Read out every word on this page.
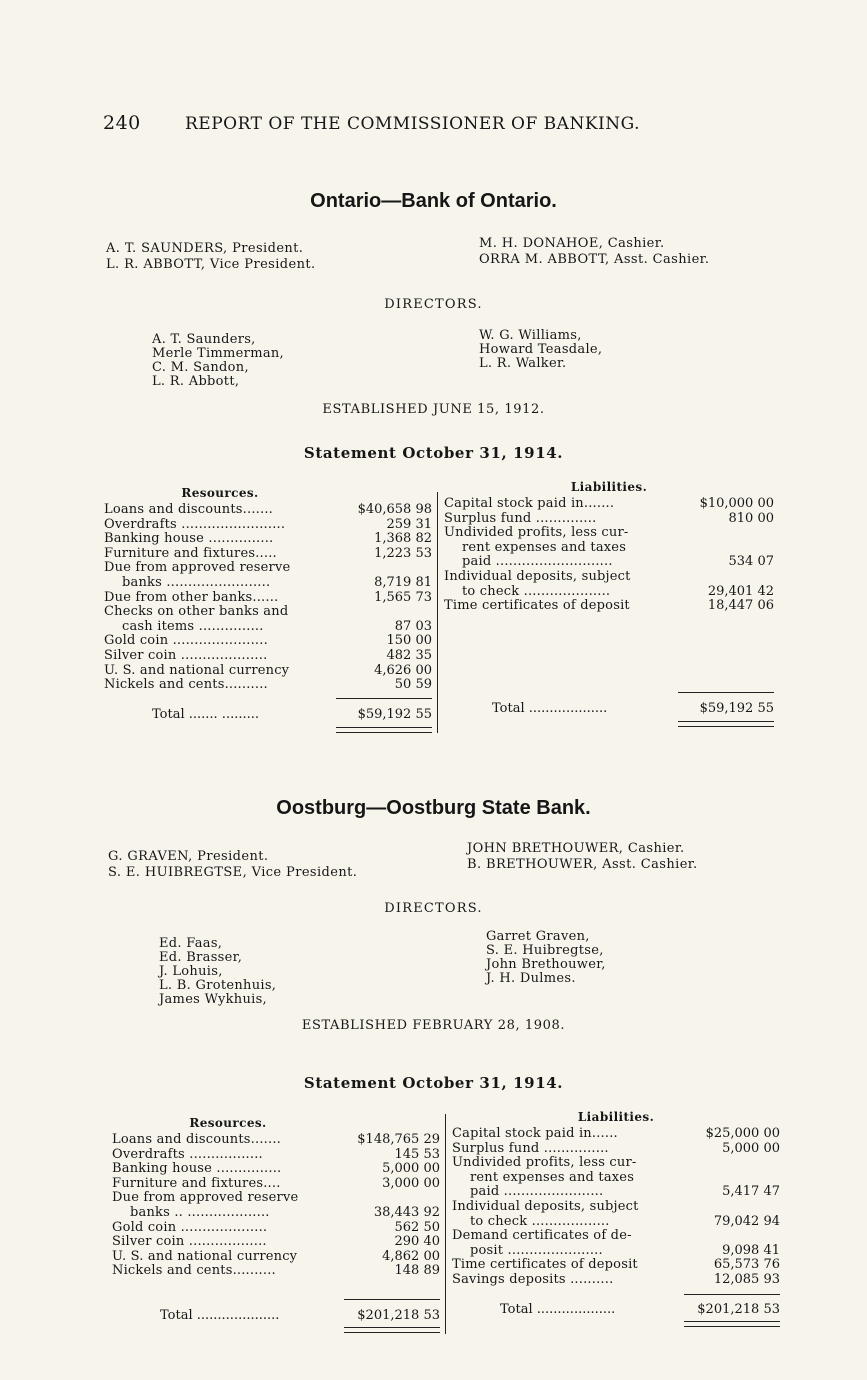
240	REPORT OF THE COMMISSIONER OF BANKING.
Ontario—Bank of Ontario.
A. T. SAUNDERS, President.
L. R. ABBOTT, Vice President.
M. H. DONAHOE, Cashier.
ORRA M. ABBOTT, Asst. Cashier.
DIRECTORS.
A. T. Saunders,
Merle Timmerman,
C. M. Sandon,
L. R. Abbott,
W. G. Williams,
Howard Teasdale,
L. R. Walker.
ESTABLISHED JUNE 15, 1912.
Statement October 31, 1914.
Resources.	Liabilities.
Loans and discounts.......	$40,658 98
Overdrafts ........................	259 31
Banking house ...............	1,368 82
Furniture and fixtures.....	1,223 53
Due from approved reserve
banks ........................	8,719 81
Due from other banks......	1,565 73
Checks on other banks and
cash items ...............	87 03
Gold coin ......................	150 00
Silver coin ....................	482 35
U. S. and national currency	4,626 00
Nickels and cents..........	50 59
Capital stock paid in.......	$10,000 00
Surplus fund ..............	810 00
Undivided profits, less cur-
rent expenses and taxes
paid ...........................	534 07
Individual deposits, subject
to check ....................	29,401 42
Time certificates of deposit	18,447 06
Total ....... .........	$59,192 55	Total ...................	$59,192 55
Oostburg—Oostburg State Bank.
G. GRAVEN, President.
S. E. HUIBREGTSE, Vice President.
JOHN BRETHOUWER, Cashier.
B. BRETHOUWER, Asst. Cashier.
DIRECTORS.
Ed. Faas,
Ed. Brasser,
J. Lohuis,
L. B. Grotenhuis,
James Wykhuis,
Garret Graven,
S. E. Huibregtse,
John Brethouwer,
J. H. Dulmes.
ESTABLISHED FEBRUARY 28, 1908.
Statement October 31, 1914.
Resources.	Liabilities.
Loans and discounts.......	$148,765 29
Overdrafts .................	145 53
Banking house ...............	5,000 00
Furniture and fixtures....	3,000 00
Due from approved reserve
banks .. ...................	38,443 92
Gold coin ....................	562 50
Silver coin ..................	290 40
U. S. and national currency	4,862 00
Nickels and cents..........	148 89
Capital stock paid in......	$25,000 00
Surplus fund ...............	5,000 00
Undivided profits, less cur-
rent expenses and taxes
paid .......................	5,417 47
Individual deposits, subject
to check ..................	79,042 94
Demand certificates of de-
posit ......................	9,098 41
Time certificates of deposit	65,573 76
Savings deposits ..........	12,085 93
Total ....................	$201,218 53	Total ...................	$201,218 53
